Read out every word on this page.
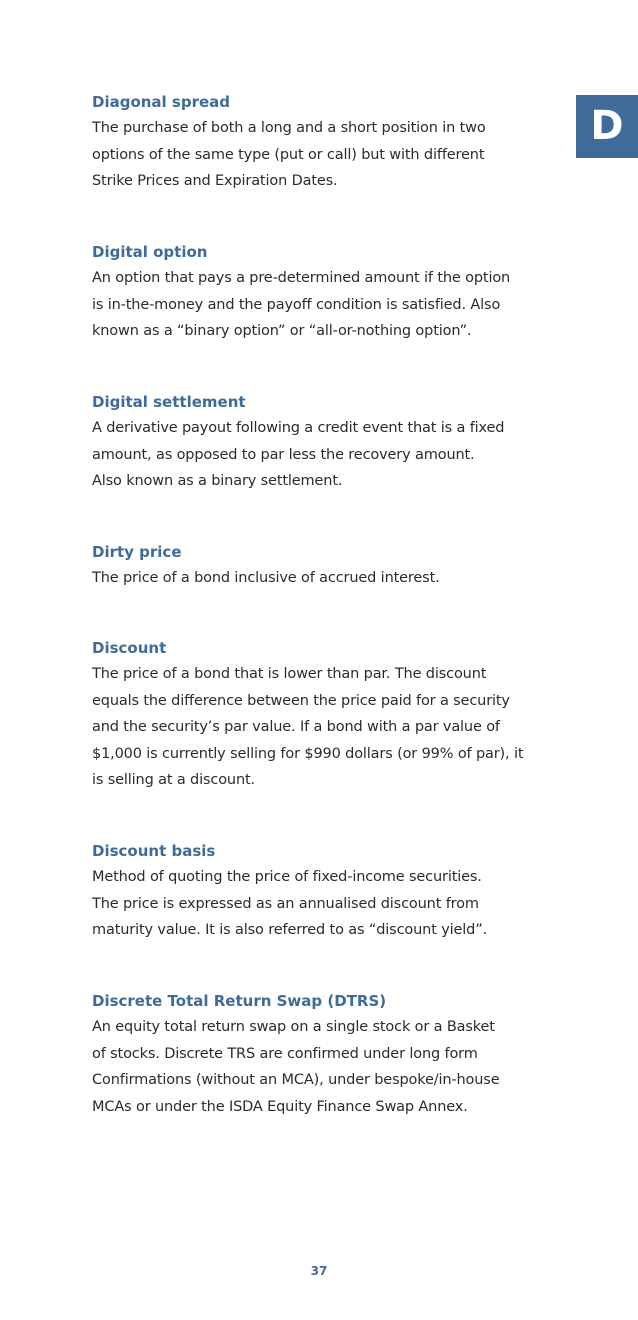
D
Diagonal spread
The purchase of both a long and a short position in two
options of the same type (put or call) but with different
Strike Prices and Expiration Dates.
Digital option
An option that pays a pre-determined amount if the option
is in-the-money and the payoff condition is satisfied. Also
known as a “binary option” or “all-or-nothing option”.
Digital settlement
A derivative payout following a credit event that is a fixed
amount, as opposed to par less the recovery amount.
Also known as a binary settlement.
Dirty price
The price of a bond inclusive of accrued interest.
Discount
The price of a bond that is lower than par. The discount
equals the difference between the price paid for a security
and the security’s par value. If a bond with a par value of
$1,000 is currently selling for $990 dollars (or 99% of par), it
is selling at a discount.
Discount basis
Method of quoting the price of fixed-income securities.
The price is expressed as an annualised discount from
maturity value. It is also referred to as “discount yield”.
Discrete Total Return Swap (DTRS)
An equity total return swap on a single stock or a Basket
of stocks. Discrete TRS are confirmed under long form
Confirmations (without an MCA), under bespoke/in-house
MCAs or under the ISDA Equity Finance Swap Annex.
37
